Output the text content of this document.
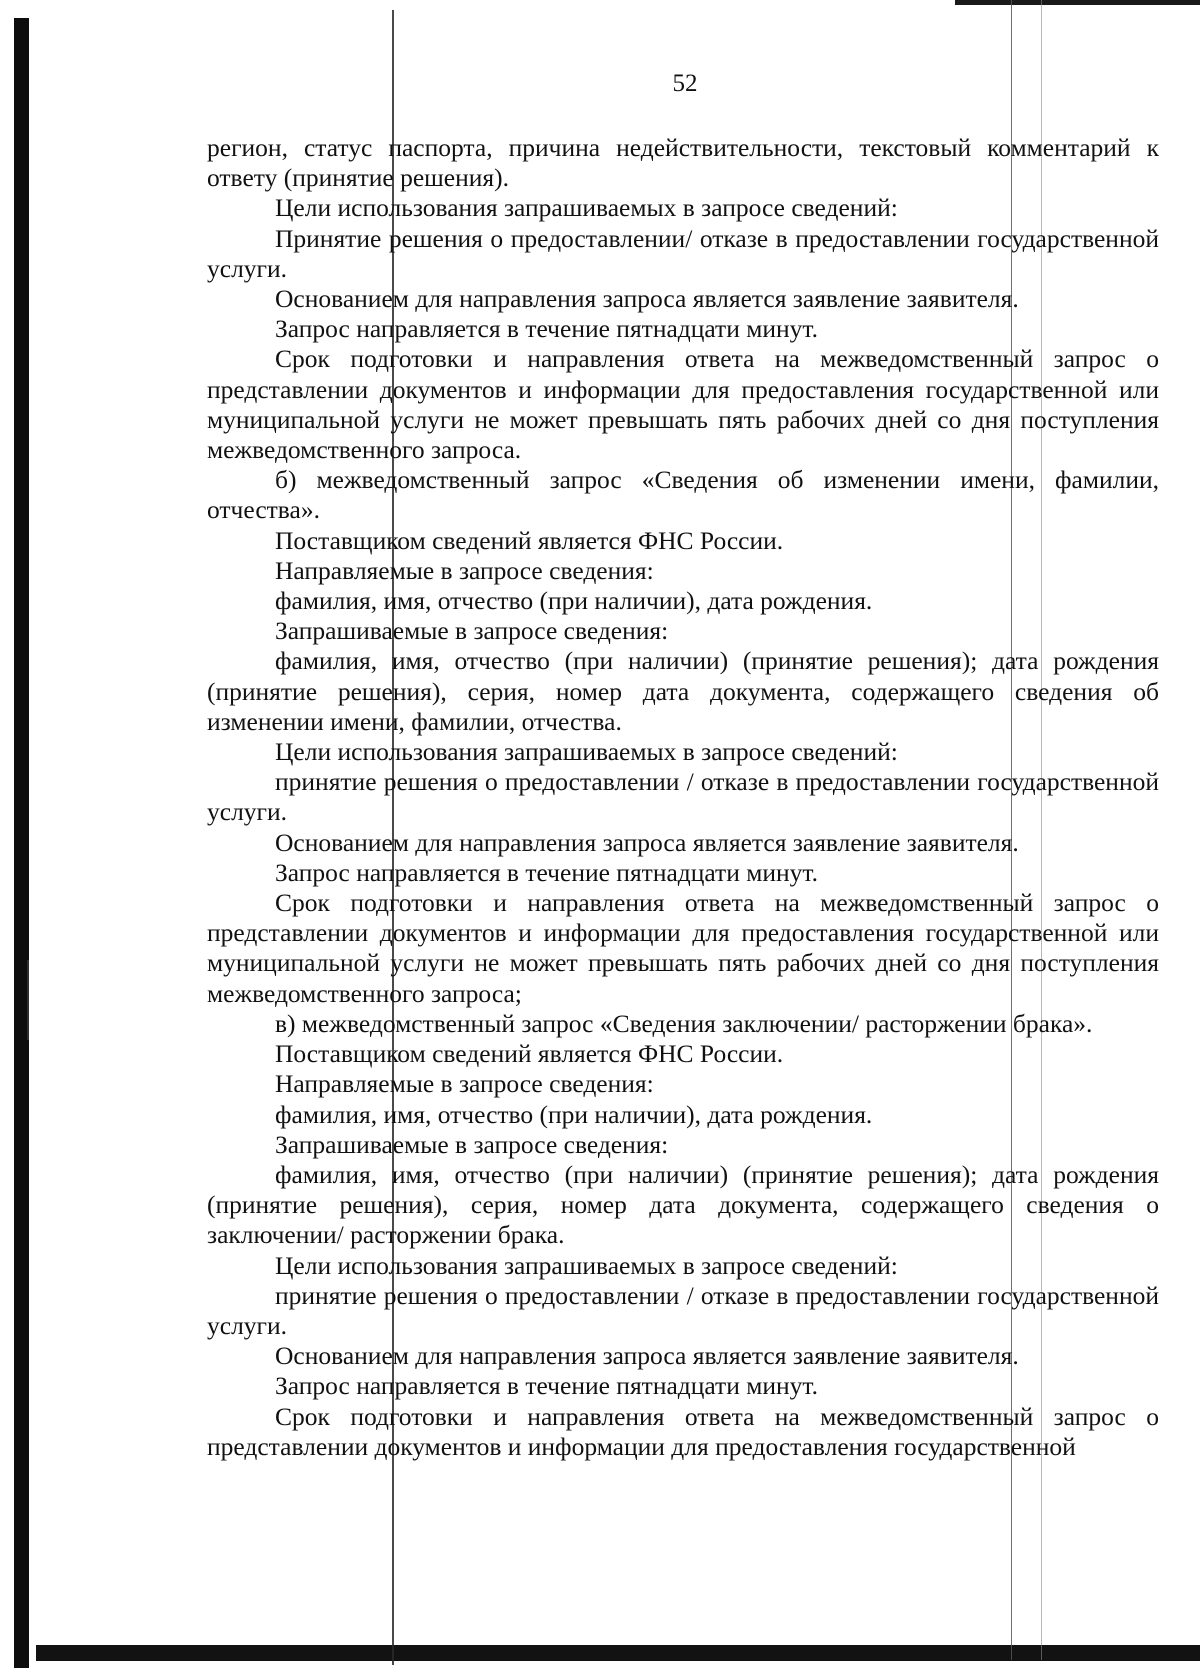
52

регион, статус паспорта, причина недействительности, текстовый комментарий к ответу (принятие решения).

Цели использования запрашиваемых в запросе сведений:

Принятие решения о предоставлении/ отказе в предоставлении государственной услуги.

Основанием для направления запроса является заявление заявителя.

Запрос направляется в течение пятнадцати минут.

Срок подготовки и направления ответа на межведомственный запрос о представлении документов и информации для предоставления государственной или муниципальной услуги не может превышать пять рабочих дней со дня поступления межведомственного запроса.

б) межведомственный запрос «Сведения об изменении имени, фамилии, отчества».

Поставщиком сведений является ФНС России.

Направляемые в запросе сведения:

фамилия, имя, отчество (при наличии), дата рождения.

Запрашиваемые в запросе сведения:

фамилия, имя, отчество (при наличии) (принятие решения); дата рождения (принятие решения), серия, номер дата документа, содержащего сведения об изменении имени, фамилии, отчества.

Цели использования запрашиваемых в запросе сведений:

принятие решения о предоставлении / отказе в предоставлении государственной услуги.

Основанием для направления запроса является заявление заявителя.

Запрос направляется в течение пятнадцати минут.

Срок подготовки и направления ответа на межведомственный запрос о представлении документов и информации для предоставления государственной или муниципальной услуги не может превышать пять рабочих дней со дня поступления межведомственного запроса;

в) межведомственный запрос «Сведения заключении/ расторжении брака».

Поставщиком сведений является ФНС России.

Направляемые в запросе сведения:

фамилия, имя, отчество (при наличии), дата рождения.

Запрашиваемые в запросе сведения:

фамилия, имя, отчество (при наличии) (принятие решения); дата рождения (принятие решения), серия, номер дата документа, содержащего сведения о заключении/ расторжении брака.

Цели использования запрашиваемых в запросе сведений:

принятие решения о предоставлении / отказе в предоставлении государственной услуги.

Основанием для направления запроса является заявление заявителя.

Запрос направляется в течение пятнадцати минут.

Срок подготовки и направления ответа на межведомственный запрос о представлении документов и информации для предоставления государственной
